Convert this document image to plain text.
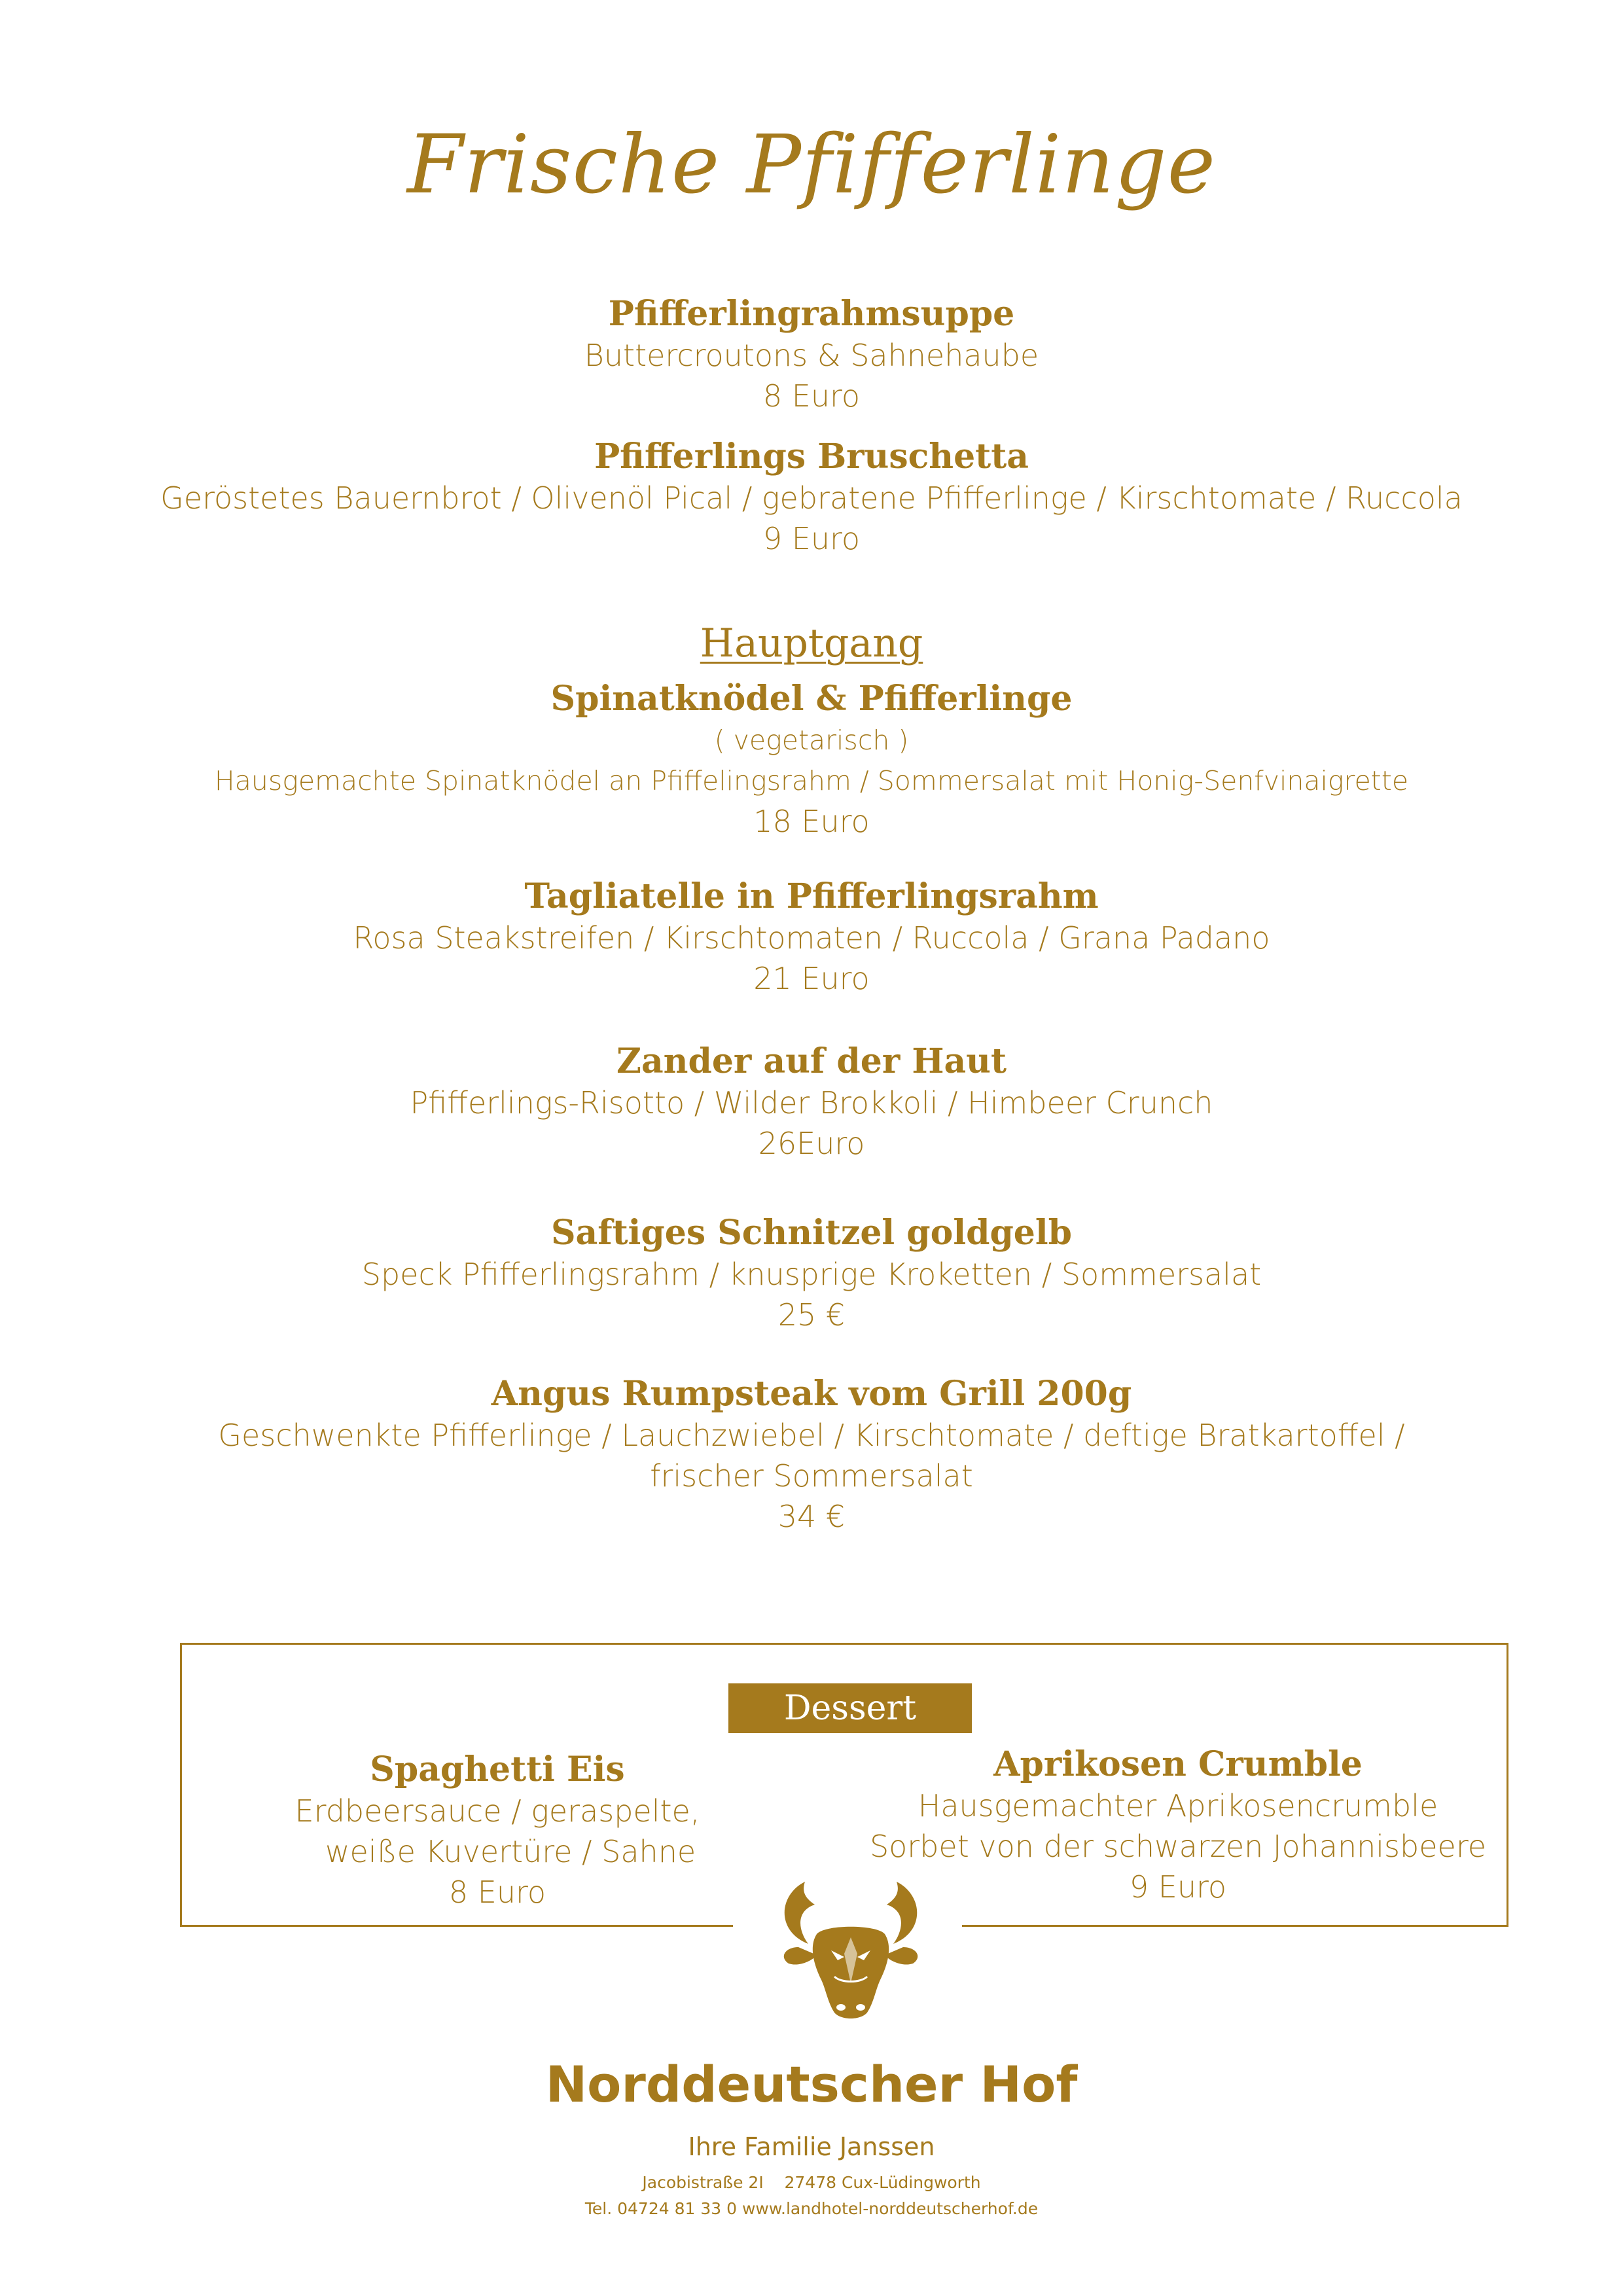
Frische Pfifferlinge
Pfifferlingrahmsuppe
Buttercroutons & Sahnehaube
8 Euro
Pfifferlings Bruschetta
Geröstetes Bauernbrot / Olivenöl Pical / gebratene Pfifferlinge / Kirschtomate / Ruccola
9 Euro
Hauptgang
Spinatknödel & Pfifferlinge
( vegetarisch )
Hausgemachte Spinatknödel an Pfiffelingsrahm / Sommersalat mit Honig-Senfvinaigrette
18 Euro
Tagliatelle in Pfifferlingsrahm
Rosa Steakstreifen / Kirschtomaten / Ruccola / Grana Padano
21 Euro
Zander auf der Haut
Pfifferlings-Risotto / Wilder Brokkoli / Himbeer Crunch
26Euro
Saftiges Schnitzel goldgelb
Speck Pfifferlingsrahm / knusprige Kroketten / Sommersalat
25 €
Angus Rumpsteak vom Grill 200g
Geschwenkte Pfifferlinge / Lauchzwiebel / Kirschtomate / deftige Bratkartoffel /
frischer Sommersalat
34 €
Dessert
Spaghetti Eis
Erdbeersauce / geraspelte,
weiße Kuvertüre / Sahne
8 Euro
Aprikosen Crumble
Hausgemachter Aprikosencrumble
Sorbet von der schwarzen Johannisbeere
9 Euro
Norddeutscher Hof
Ihre Familie Janssen
Jacobistraße 2I    27478 Cux-Lüdingworth
Tel. 04724 81 33 0 www.landhotel-norddeutscherhof.de
